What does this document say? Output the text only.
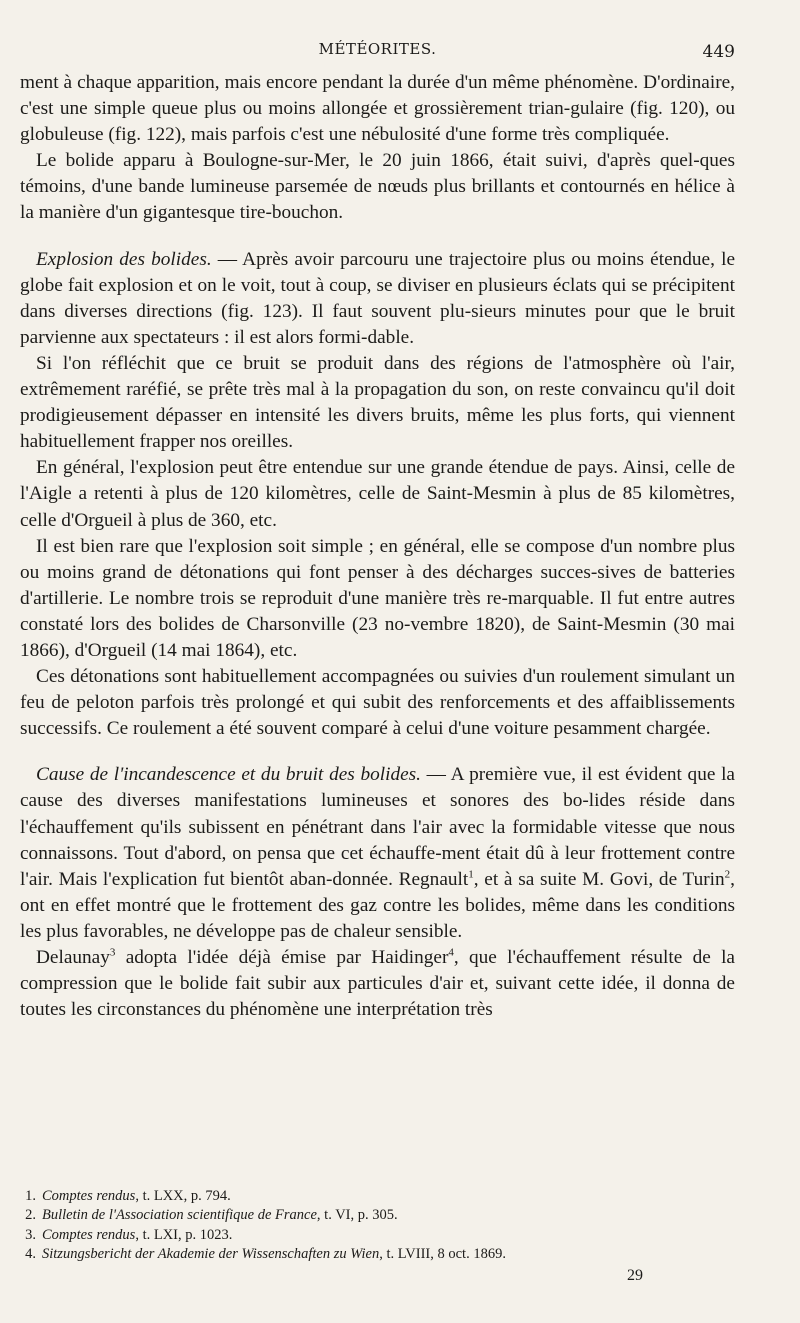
MÉTÉORITES.	449

ment à chaque apparition, mais encore pendant la durée d'un même phénomène. D'ordinaire, c'est une simple queue plus ou moins allongée et grossièrement trian-gulaire (fig. 120), ou globuleuse (fig. 122), mais parfois c'est une nébulosité d'une forme très compliquée.

Le bolide apparu à Boulogne-sur-Mer, le 20 juin 1866, était suivi, d'après quel-ques témoins, d'une bande lumineuse parsemée de nœuds plus brillants et contournés en hélice à la manière d'un gigantesque tire-bouchon.

Explosion des bolides. — Après avoir parcouru une trajectoire plus ou moins étendue, le globe fait explosion et on le voit, tout à coup, se diviser en plusieurs éclats qui se précipitent dans diverses directions (fig. 123). Il faut souvent plu-sieurs minutes pour que le bruit parvienne aux spectateurs : il est alors formi-dable.

Si l'on réfléchit que ce bruit se produit dans des régions de l'atmosphère où l'air, extrêmement raréfié, se prête très mal à la propagation du son, on reste convaincu qu'il doit prodigieusement dépasser en intensité les divers bruits, même les plus forts, qui viennent habituellement frapper nos oreilles.

En général, l'explosion peut être entendue sur une grande étendue de pays. Ainsi, celle de l'Aigle a retenti à plus de 120 kilomètres, celle de Saint-Mesmin à plus de 85 kilomètres, celle d'Orgueil à plus de 360, etc.

Il est bien rare que l'explosion soit simple ; en général, elle se compose d'un nombre plus ou moins grand de détonations qui font penser à des décharges succes-sives de batteries d'artillerie. Le nombre trois se reproduit d'une manière très re-marquable. Il fut entre autres constaté lors des bolides de Charsonville (23 no-vembre 1820), de Saint-Mesmin (30 mai 1866), d'Orgueil (14 mai 1864), etc.

Ces détonations sont habituellement accompagnées ou suivies d'un roulement simulant un feu de peloton parfois très prolongé et qui subit des renforcements et des affaiblissements successifs. Ce roulement a été souvent comparé à celui d'une voiture pesamment chargée.

Cause de l'incandescence et du bruit des bolides. — A première vue, il est évident que la cause des diverses manifestations lumineuses et sonores des bo-lides réside dans l'échauffement qu'ils subissent en pénétrant dans l'air avec la formidable vitesse que nous connaissons. Tout d'abord, on pensa que cet échauffe-ment était dû à leur frottement contre l'air. Mais l'explication fut bientôt aban-donnée. Regnault$^1$, et à sa suite M. Govi, de Turin$^2$, ont en effet montré que le frottement des gaz contre les bolides, même dans les conditions les plus favorables, ne développe pas de chaleur sensible.

Delaunay$^3$ adopta l'idée déjà émise par Haidinger$^4$, que l'échauffement résulte de la compression que le bolide fait subir aux particules d'air et, suivant cette idée, il donna de toutes les circonstances du phénomène une interprétation très

1. Comptes rendus, t. LXX, p. 794.
2. Bulletin de l'Association scientifique de France, t. VI, p. 305.
3. Comptes rendus, t. LXI, p. 1023.
4. Sitzungsbericht der Akademie der Wissenschaften zu Wien, t. LVIII, 8 oct. 1869.
29
